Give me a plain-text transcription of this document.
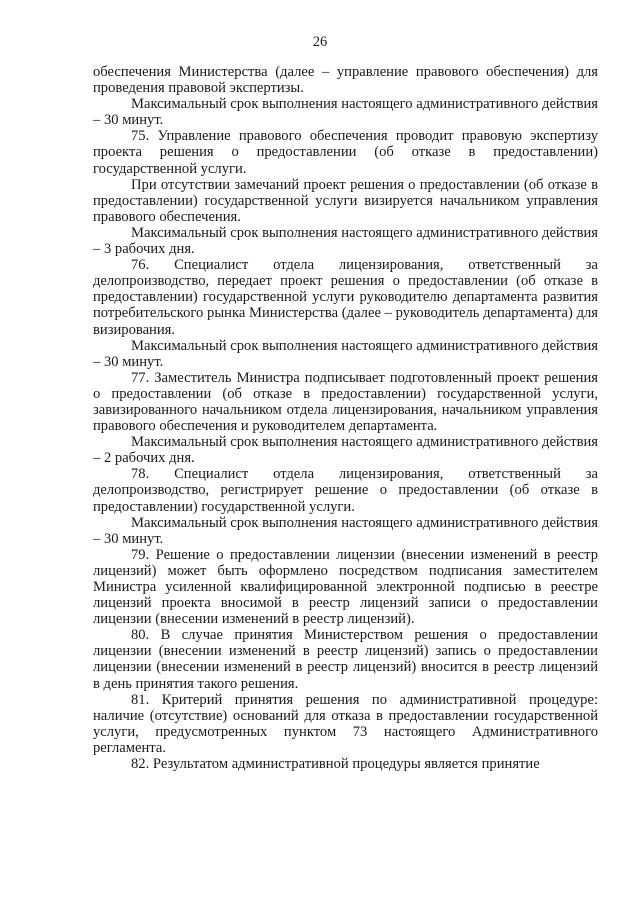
26

обеспечения Министерства (далее – управление правового обеспечения) для проведения правовой экспертизы.

Максимальный срок выполнения настоящего административного действия – 30 минут.

75. Управление правового обеспечения проводит правовую экспертизу проекта решения о предоставлении (об отказе в предоставлении) государственной услуги.

При отсутствии замечаний проект решения о предоставлении (об отказе в предоставлении) государственной услуги визируется начальником управления правового обеспечения.

Максимальный срок выполнения настоящего административного действия – 3 рабочих дня.

76. Специалист отдела лицензирования, ответственный за делопроизводство, передает проект решения о предоставлении (об отказе в предоставлении) государственной услуги руководителю департамента развития потребительского рынка Министерства (далее – руководитель департамента) для визирования.

Максимальный срок выполнения настоящего административного действия – 30 минут.

77. Заместитель Министра подписывает подготовленный проект решения о предоставлении (об отказе в предоставлении) государственной услуги, завизированного начальником отдела лицензирования, начальником управления правового обеспечения и руководителем департамента.

Максимальный срок выполнения настоящего административного действия – 2 рабочих дня.

78. Специалист отдела лицензирования, ответственный за делопроизводство, регистрирует решение о предоставлении (об отказе в предоставлении) государственной услуги.

Максимальный срок выполнения настоящего административного действия – 30 минут.

79. Решение о предоставлении лицензии (внесении изменений в реестр лицензий) может быть оформлено посредством подписания заместителем Министра усиленной квалифицированной электронной подписью в реестре лицензий проекта вносимой в реестр лицензий записи о предоставлении лицензии (внесении изменений в реестр лицензий).

80. В случае принятия Министерством решения о предоставлении лицензии (внесении изменений в реестр лицензий) запись о предоставлении лицензии (внесении изменений в реестр лицензий) вносится в реестр лицензий в день принятия такого решения.

81. Критерий принятия решения по административной процедуре: наличие (отсутствие) оснований для отказа в предоставлении государственной услуги, предусмотренных пунктом 73 настоящего Административного регламента.

82. Результатом административной процедуры является принятие
